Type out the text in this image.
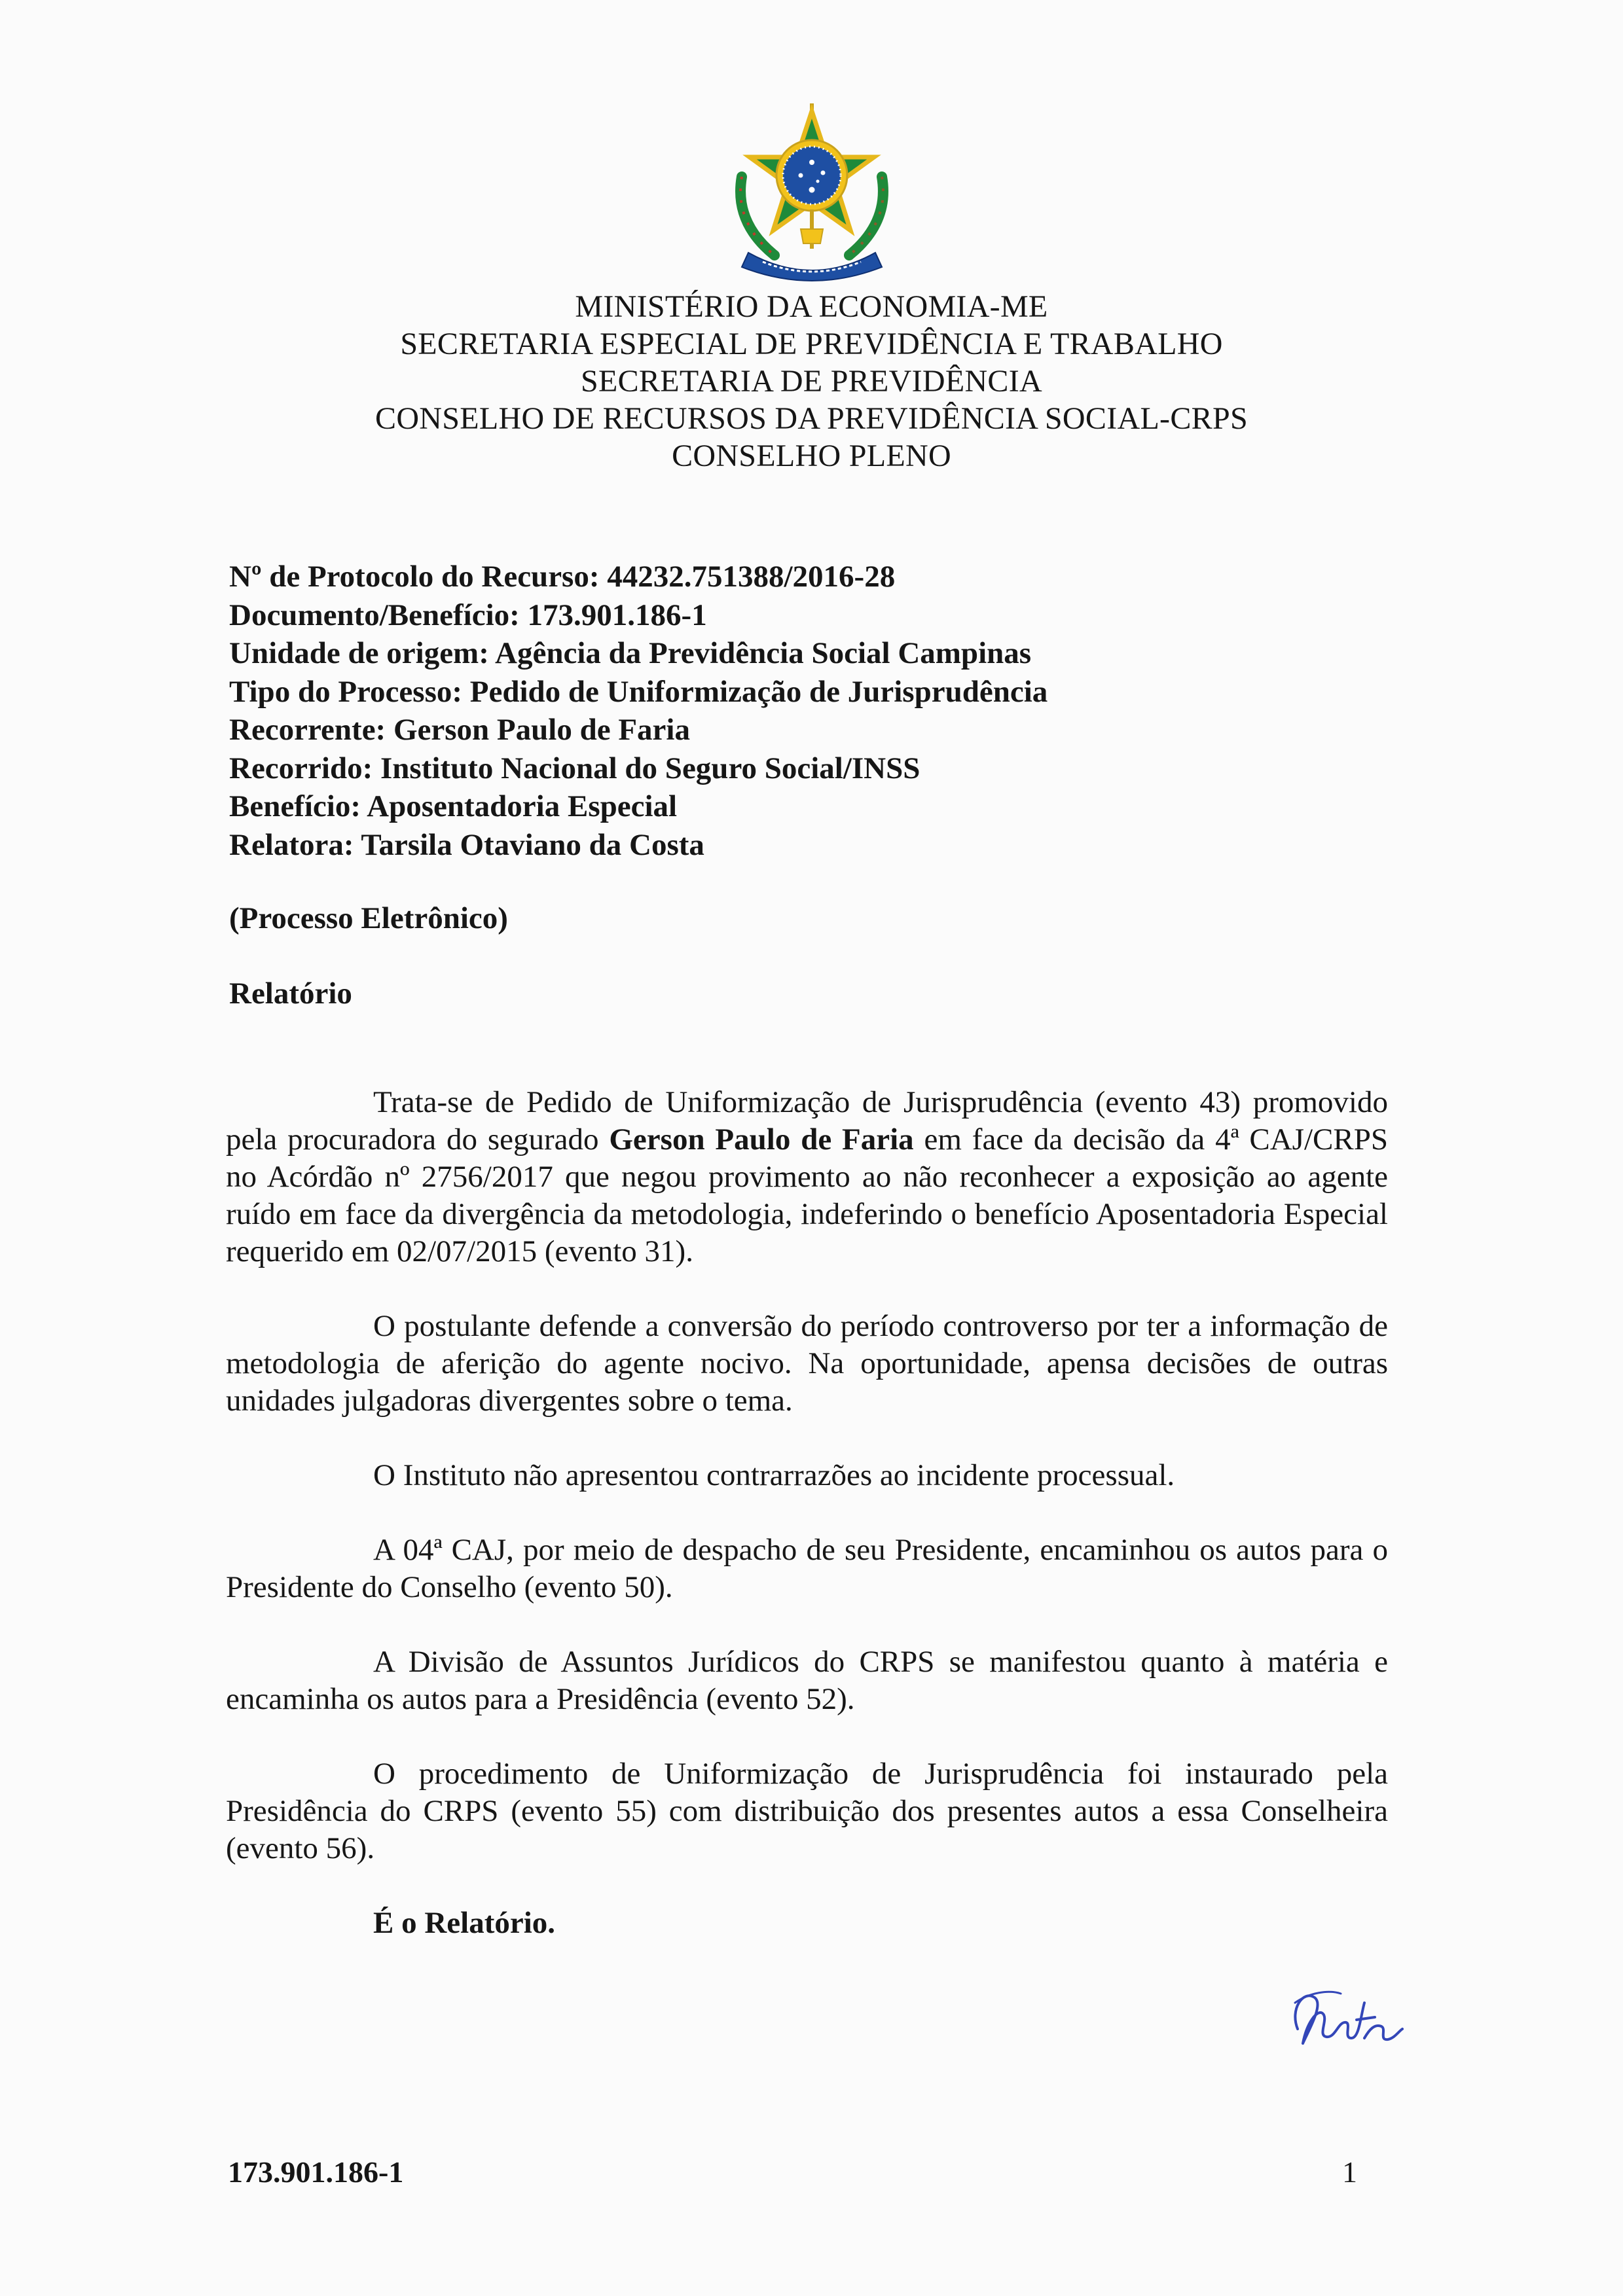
MINISTÉRIO DA ECONOMIA-ME
SECRETARIA ESPECIAL DE PREVIDÊNCIA E TRABALHO
SECRETARIA DE PREVIDÊNCIA
CONSELHO DE RECURSOS DA PREVIDÊNCIA SOCIAL-CRPS
CONSELHO PLENO
Nº de Protocolo do Recurso: 44232.751388/2016-28
Documento/Benefício: 173.901.186-1
Unidade de origem: Agência da Previdência Social Campinas
Tipo do Processo: Pedido de Uniformização de Jurisprudência
Recorrente: Gerson Paulo de Faria
Recorrido: Instituto Nacional do Seguro Social/INSS
Benefício: Aposentadoria Especial
Relatora: Tarsila Otaviano da Costa
(Processo Eletrônico)
Relatório

Trata-se de Pedido de Uniformização de Jurisprudência (evento 43) promovido pela procuradora do segurado Gerson Paulo de Faria em face da decisão da 4ª CAJ/CRPS no Acórdão nº 2756/2017 que negou provimento ao não reconhecer a exposição ao agente ruído em face da divergência da metodologia, indeferindo o benefício Aposentadoria Especial requerido em 02/07/2015 (evento 31).

O postulante defende a conversão do período controverso por ter a informação de metodologia de aferição do agente nocivo. Na oportunidade, apensa decisões de outras unidades julgadoras divergentes sobre o tema.

O Instituto não apresentou contrarrazões ao incidente processual.

A 04ª CAJ, por meio de despacho de seu Presidente, encaminhou os autos para o Presidente do Conselho (evento 50).

A Divisão de Assuntos Jurídicos do CRPS se manifestou quanto à matéria e encaminha os autos para a Presidência (evento 52).

O procedimento de Uniformização de Jurisprudência foi instaurado pela Presidência do CRPS (evento 55) com distribuição dos presentes autos a essa Conselheira (evento 56).

É o Relatório.
173.901.186-1	1
